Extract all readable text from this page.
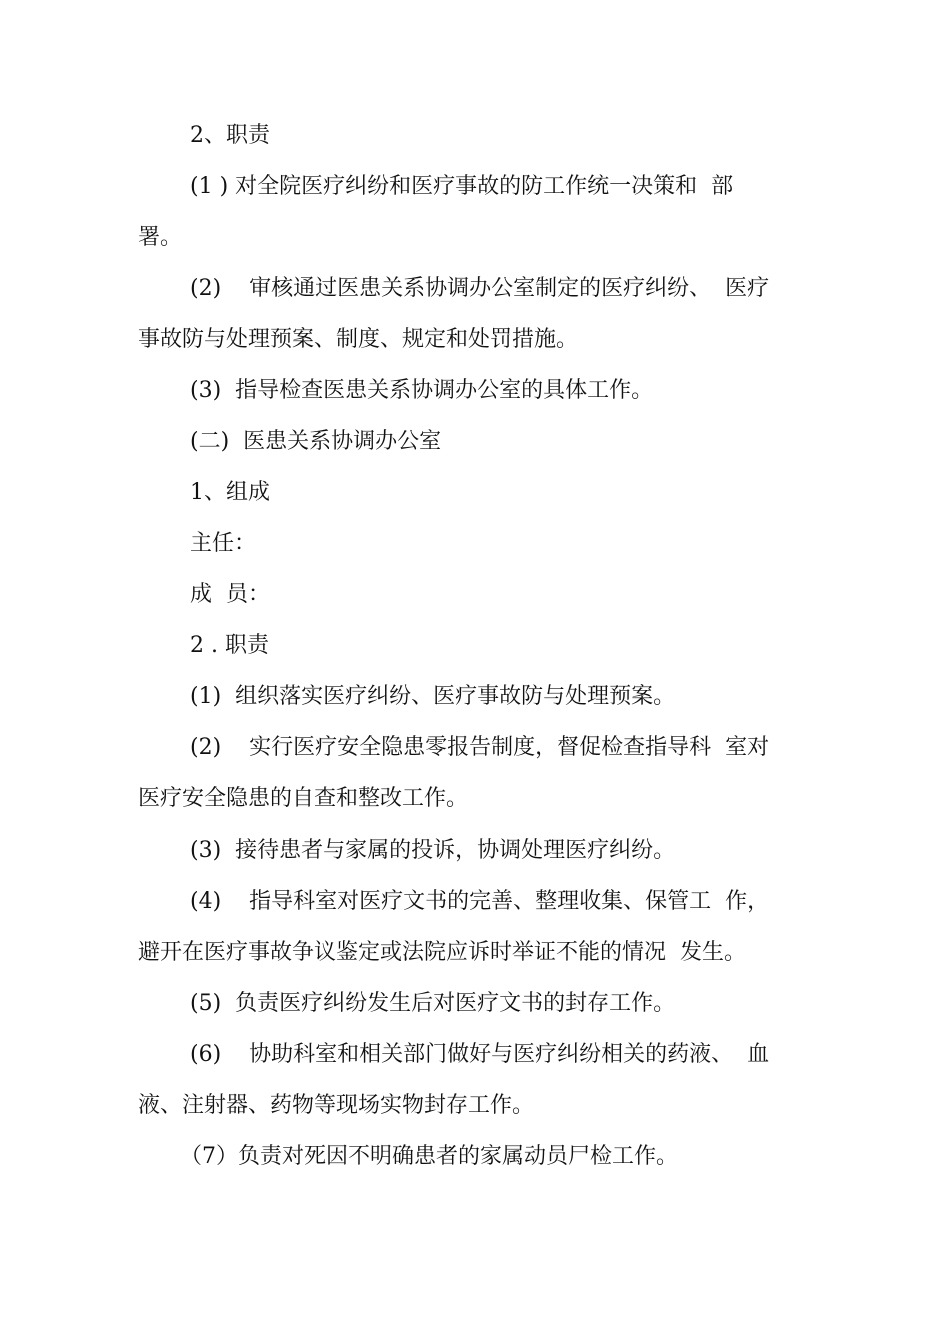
2、职责
(1 ) 对全院医疗纠纷和医疗事故的防工作统一决策和  部
署。
(2)    审核通过医患关系协调办公室制定的医疗纠纷、  医疗
事故防与处理预案、制度、规定和处罚措施。
(3)  指导检查医患关系协调办公室的具体工作。
(二)  医患关系协调办公室
1、组成
主任：
成  员：
2 . 职责
(1)  组织落实医疗纠纷、医疗事故防与处理预案。
(2)    实行医疗安全隐患零报告制度，督促检查指导科  室对
医疗安全隐患的自查和整改工作。
(3)  接待患者与家属的投诉，协调处理医疗纠纷。
(4)    指导科室对医疗文书的完善、整理收集、保管工  作，
避开在医疗事故争议鉴定或法院应诉时举证不能的情况  发生。
(5)  负责医疗纠纷发生后对医疗文书的封存工作。
(6)    协助科室和相关部门做好与医疗纠纷相关的药液、  血
液、注射器、药物等现场实物封存工作。
（7）负责对死因不明确患者的家属动员尸检工作。
